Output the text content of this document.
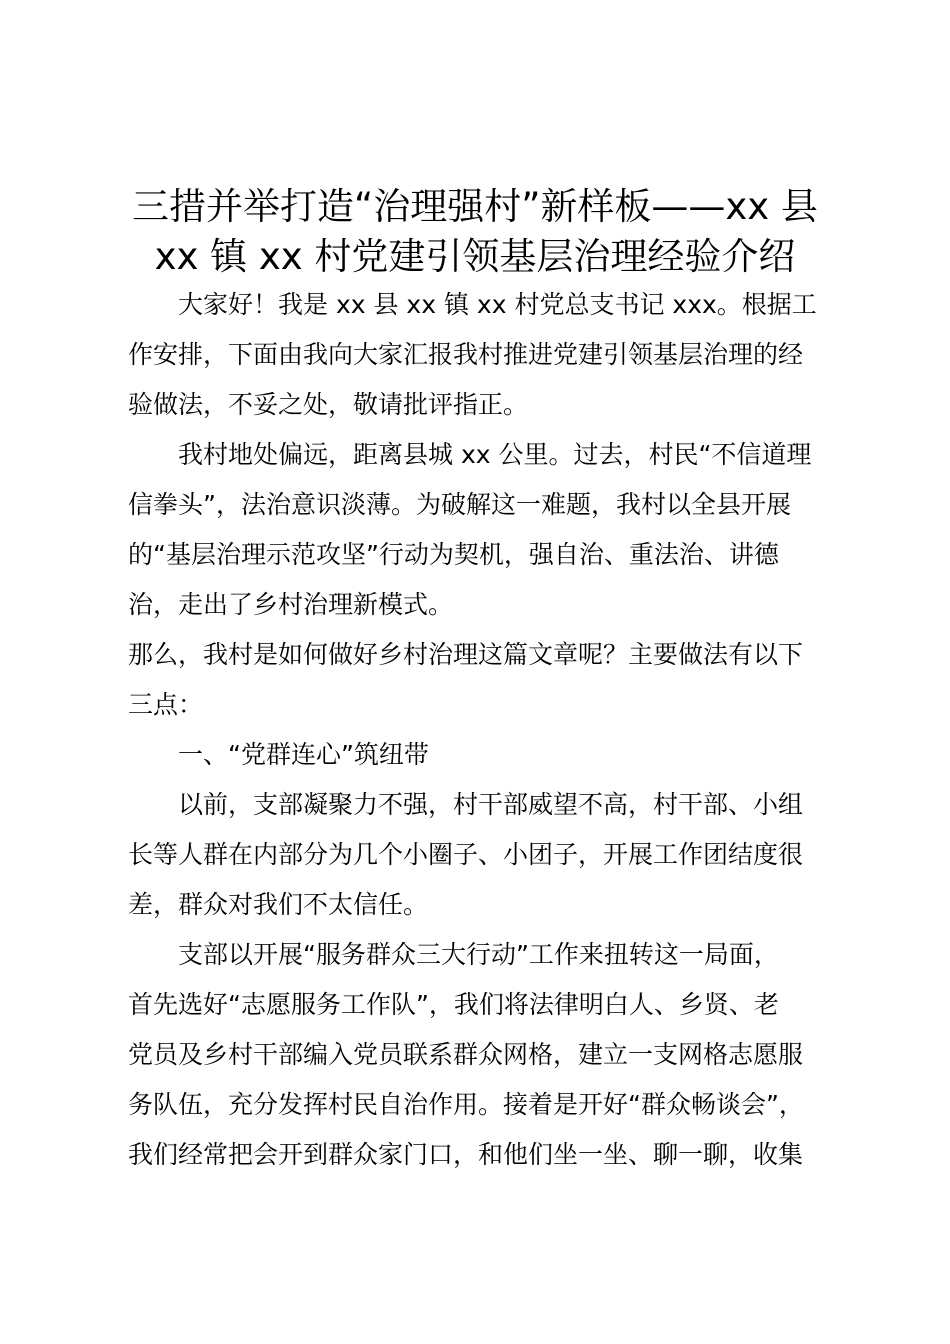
三措并举打造“治理强村”新样板——xx 县
xx 镇 xx 村党建引领基层治理经验介绍
大家好！我是 xx 县 xx 镇 xx 村党总支书记 xxx。根据工
作安排，下面由我向大家汇报我村推进党建引领基层治理的经
验做法，不妥之处，敬请批评指正。
我村地处偏远，距离县城 xx 公里。过去，村民“不信道理
信拳头”，法治意识淡薄。为破解这一难题，我村以全县开展
的“基层治理示范攻坚”行动为契机，强自治、重法治、讲德
治，走出了乡村治理新模式。
那么，我村是如何做好乡村治理这篇文章呢？主要做法有以下
三点：
一、“党群连心”筑纽带
以前，支部凝聚力不强，村干部威望不高，村干部、小组
长等人群在内部分为几个小圈子、小团子，开展工作团结度很
差，群众对我们不太信任。
支部以开展“服务群众三大行动”工作来扭转这一局面，
首先选好“志愿服务工作队”，我们将法律明白人、乡贤、老
党员及乡村干部编入党员联系群众网格，建立一支网格志愿服
务队伍，充分发挥村民自治作用。接着是开好“群众畅谈会”，
我们经常把会开到群众家门口，和他们坐一坐、聊一聊，收集
